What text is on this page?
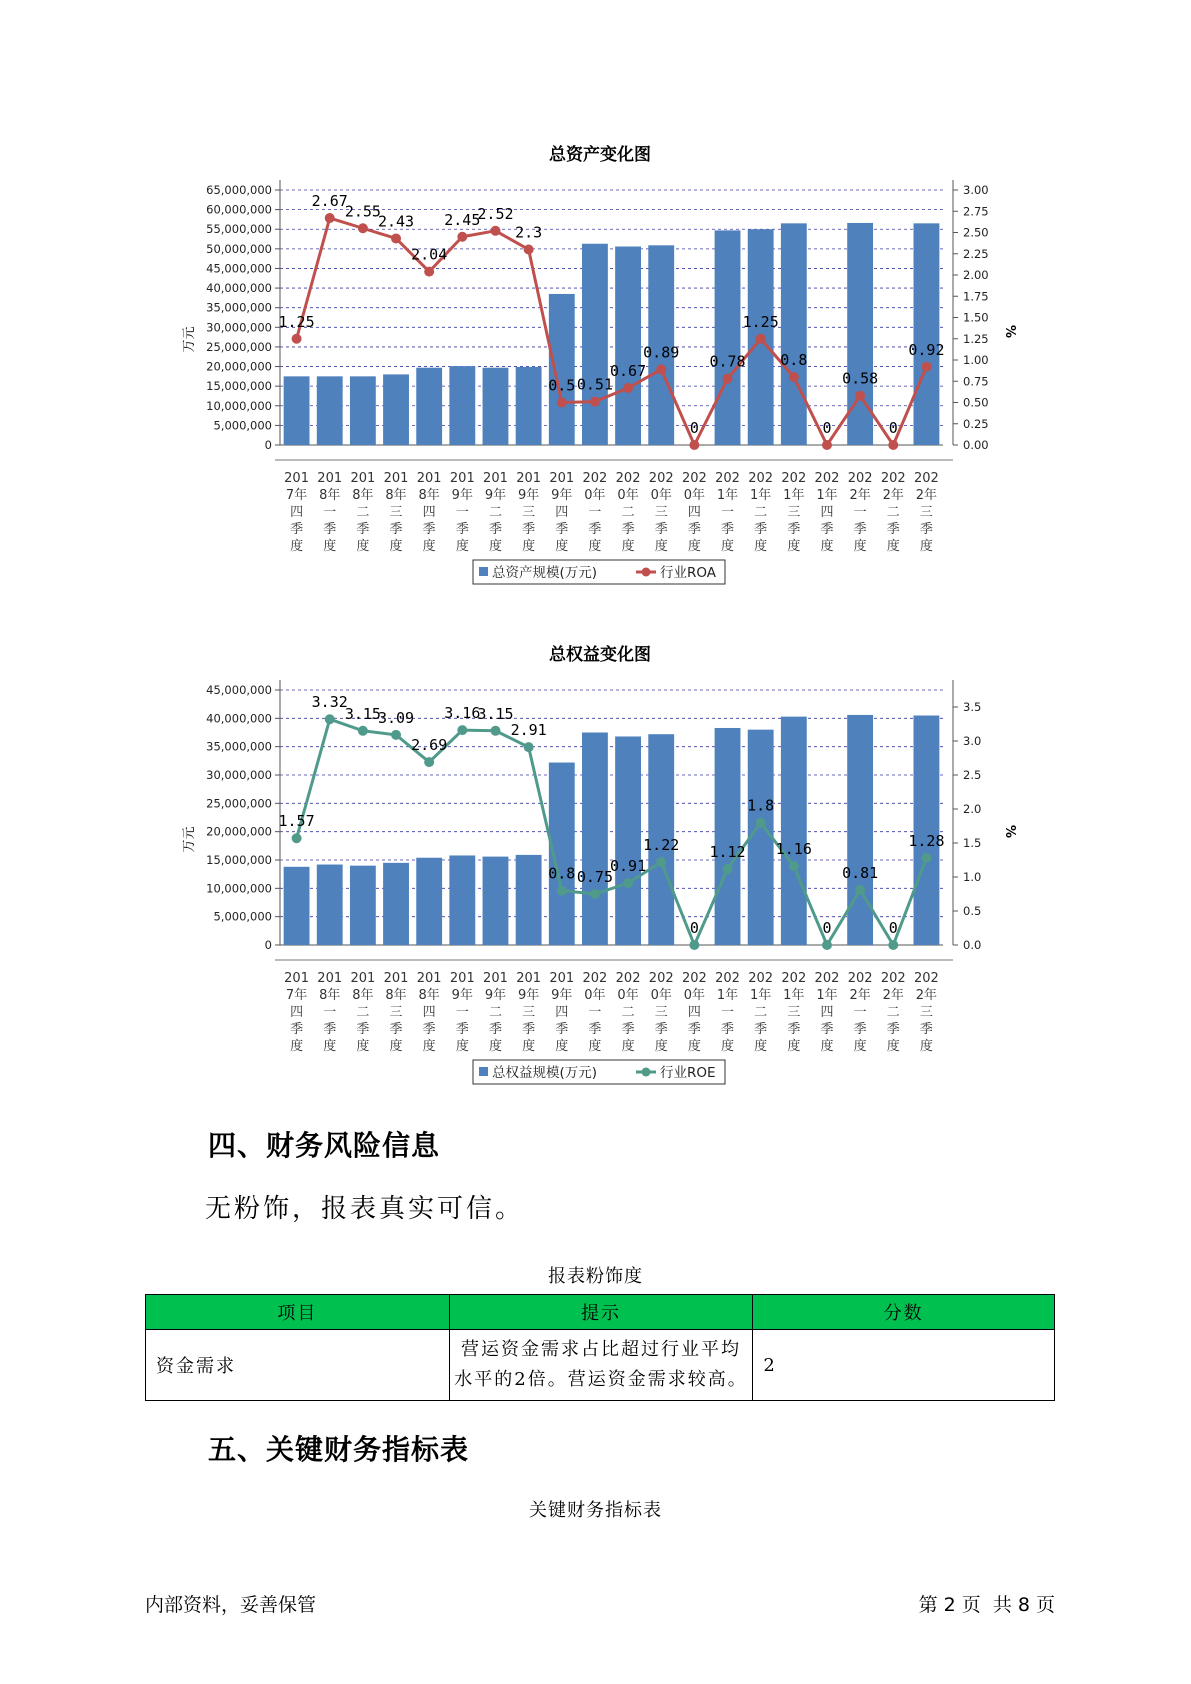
总资产变化图
65,000,000
60,000,000
55,000,000
50,000,000
45,000,000
40,000,000
35,000,000
30,000,000
25,000,000
20,000,000
15,000,000
10,000,000
5,000,000
0
3.00
2.75
2.50
2.25
2.00
1.75
1.50
1.25
1.00
0.75
0.50
0.25
0.00
万元	%
201 7年四季度
201 8年一季度
201 8年二季度
201 8年三季度
201 8年四季度
201 9年一季度
201 9年二季度
201 9年三季度
201 9年四季度
202 0年一季度
202 0年二季度
202 0年三季度
202 0年四季度
202 1年一季度
202 1年二季度
202 1年三季度
202 1年四季度
202 2年一季度
202 2年二季度
202 2年三季度
1.25
2.67
2.55
2.43
2.04
2.45
2.52
2.3
0.5 0.51
0.67
0.89
0
0.78
1.25
0.8
0
0.58
0
0.92
总资产规模(万元)	行业ROA
总权益变化图
45,000,000
40,000,000
35,000,000
30,000,000
25,000,000
20,000,000
15,000,000
10,000,000
5,000,000
0
3.5
3.0
2.5
2.0
1.5
1.0
0.5
0.0
万元	%
201 7年四季度
201 8年一季度
201 8年二季度
201 8年三季度
201 8年四季度
201 9年一季度
201 9年二季度
201 9年三季度
201 9年四季度
202 0年一季度
202 0年二季度
202 0年三季度
202 0年四季度
202 1年一季度
202 1年二季度
202 1年三季度
202 1年四季度
202 2年一季度
202 2年二季度
202 2年三季度
1.57
3.32
3.15
3.09
2.69
3.16
3.15
2.91
0.8 0.75
0.91
1.22
0
1.12
1.8
1.16
0
0.81
0
1.28
总权益规模(万元)	行业ROE
四、财务风险信息
无粉饰，报表真实可信。
报表粉饰度
项目	提示	分数
资金需求	营运资金需求占比超过行业平均水平的2倍。营运资金需求较高。	2
五、关键财务指标表
关键财务指标表
内部资料，妥善保管	第 2 页  共 8 页
